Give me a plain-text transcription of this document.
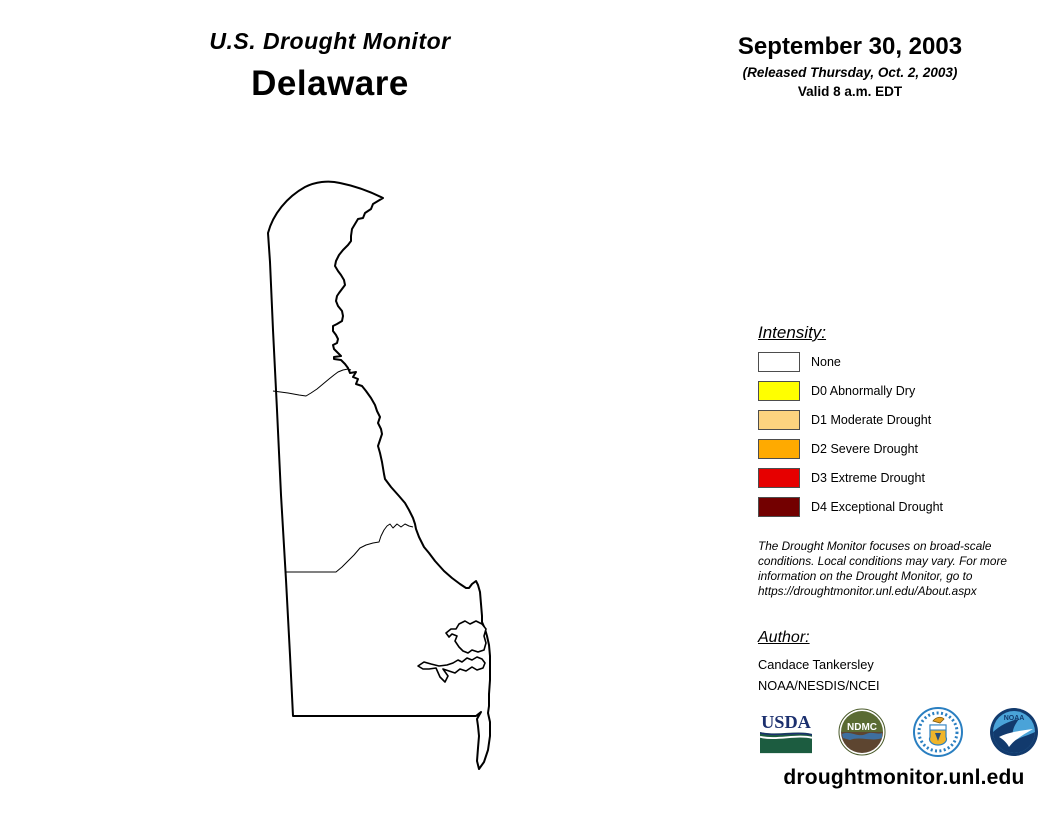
U.S. Drought Monitor
Delaware
September 30, 2003
(Released Thursday, Oct. 2, 2003)
Valid 8 a.m. EDT
Intensity:
None
D0 Abnormally Dry
D1 Moderate Drought
D2 Severe Drought
D3 Extreme Drought
D4 Exceptional Drought
The Drought Monitor focuses on broad-scale conditions. Local conditions may vary. For more information on the Drought Monitor, go to https://droughtmonitor.unl.edu/About.aspx
Author:
Candace Tankersley
NOAA/NESDIS/NCEI
USDA	NDMC
NOAA
droughtmonitor.unl.edu
